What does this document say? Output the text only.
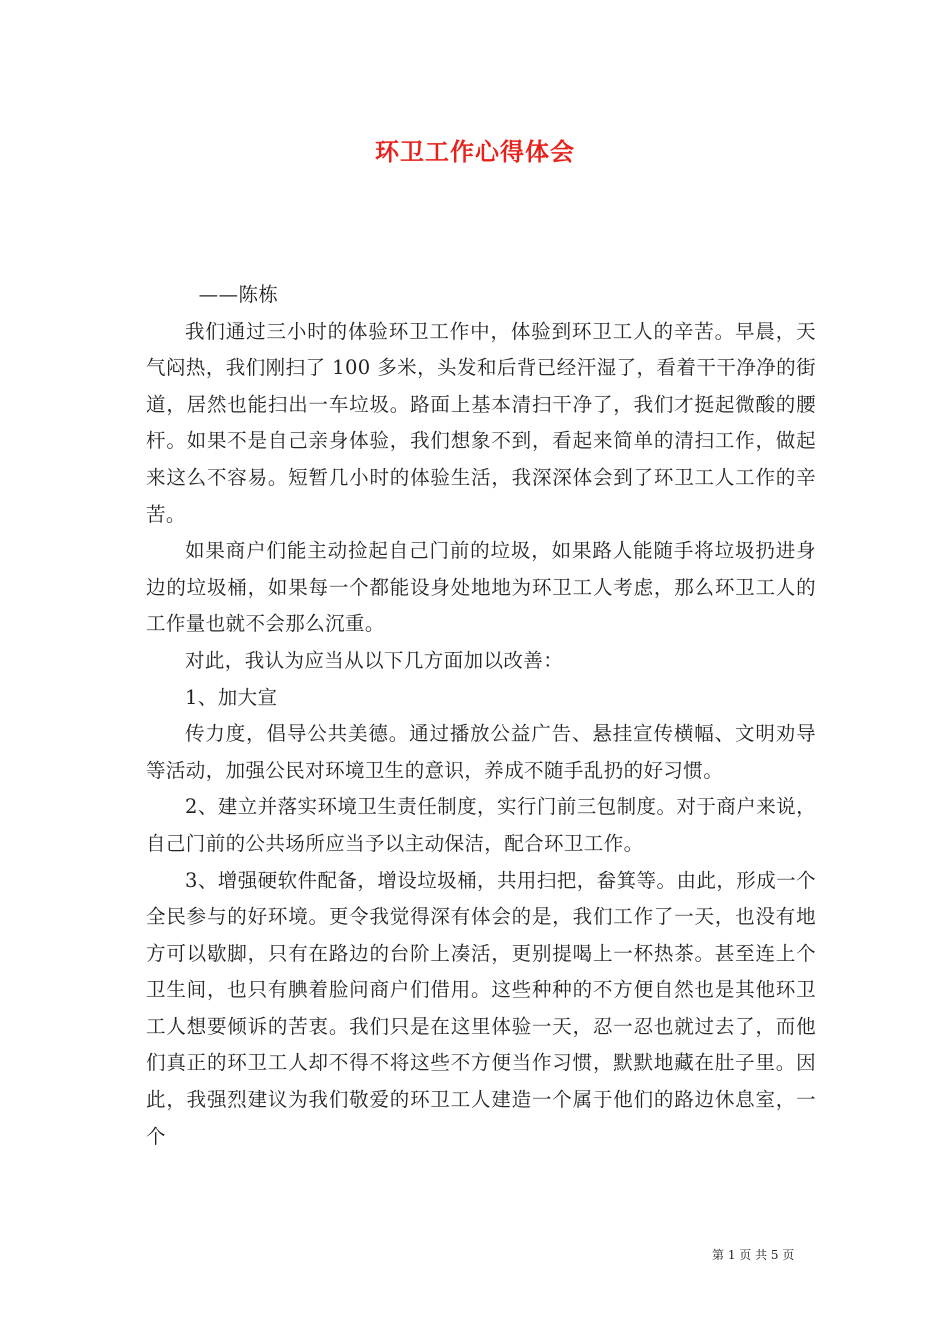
环卫工作心得体会

——陈栋

我们通过三小时的体验环卫工作中，体验到环卫工人的辛苦。早晨，天气闷热，我们刚扫了 100 多米，头发和后背已经汗湿了，看着干干净净的街道，居然也能扫出一车垃圾。路面上基本清扫干净了，我们才挺起微酸的腰杆。如果不是自己亲身体验，我们想象不到，看起来简单的清扫工作，做起来这么不容易。短暂几小时的体验生活，我深深体会到了环卫工人工作的辛苦。

如果商户们能主动捡起自己门前的垃圾，如果路人能随手将垃圾扔进身边的垃圾桶，如果每一个都能设身处地地为环卫工人考虑，那么环卫工人的工作量也就不会那么沉重。

对此，我认为应当从以下几方面加以改善：

1、加大宣

传力度，倡导公共美德。通过播放公益广告、悬挂宣传横幅、文明劝导等活动，加强公民对环境卫生的意识，养成不随手乱扔的好习惯。

2、建立并落实环境卫生责任制度，实行门前三包制度。对于商户来说，自己门前的公共场所应当予以主动保洁，配合环卫工作。

3、增强硬软件配备，增设垃圾桶，共用扫把，畚箕等。由此，形成一个全民参与的好环境。更令我觉得深有体会的是，我们工作了一天，也没有地方可以歇脚，只有在路边的台阶上凑活，更别提喝上一杯热茶。甚至连上个卫生间，也只有腆着脸问商户们借用。这些种种的不方便自然也是其他环卫工人想要倾诉的苦衷。我们只是在这里体验一天，忍一忍也就过去了，而他们真正的环卫工人却不得不将这些不方便当作习惯，默默地藏在肚子里。因此，我强烈建议为我们敬爱的环卫工人建造一个属于他们的路边休息室，一个

第 1 页 共 5 页
